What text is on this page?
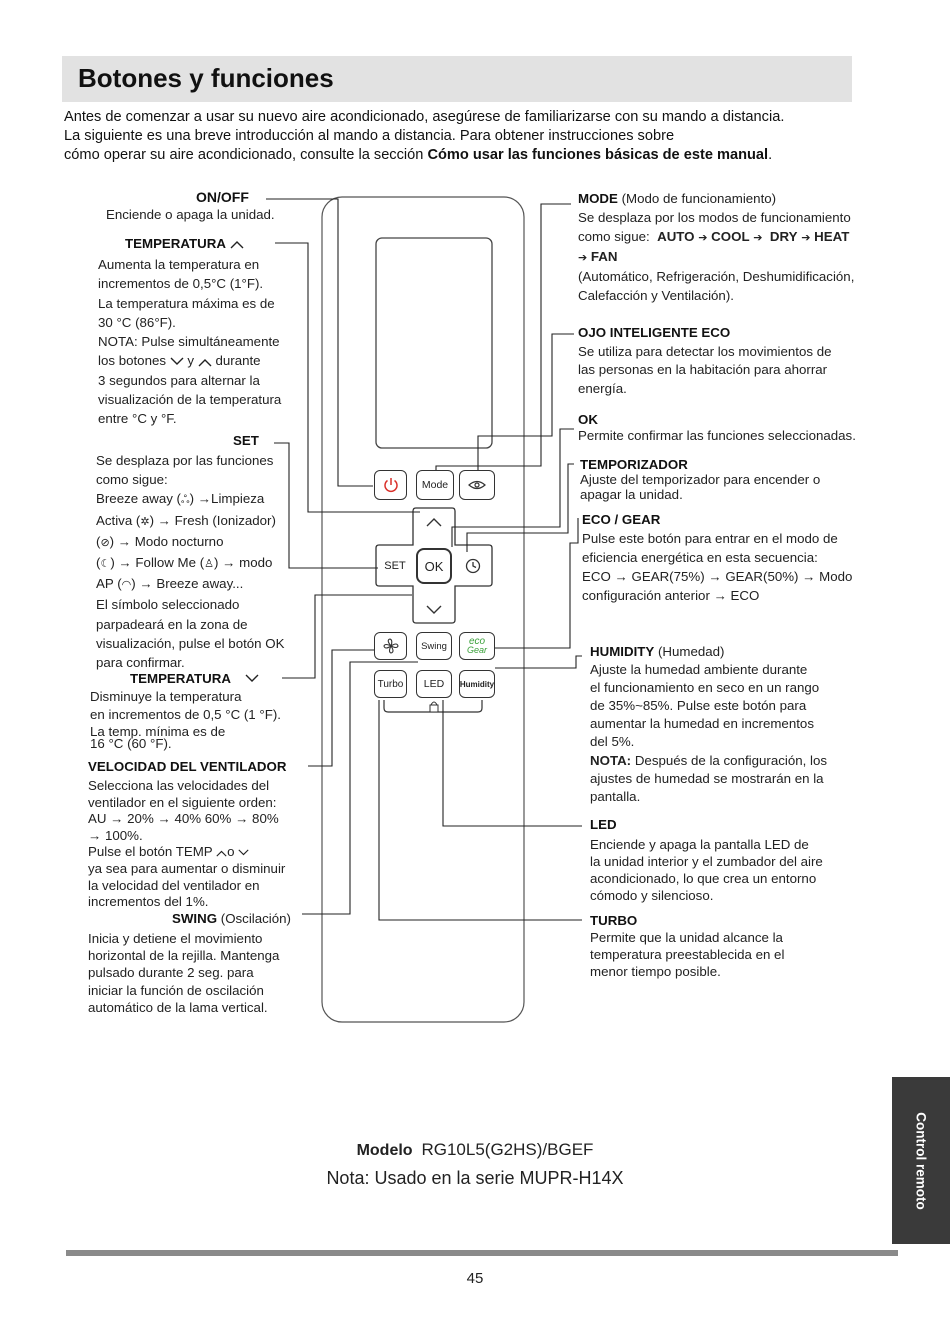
Botones y funciones
Antes de comenzar a usar su nuevo aire acondicionado, asegúrese de familiarizarse con su mando a distancia.
La siguiente es una breve introducción al mando a distancia. Para obtener instrucciones sobre
cómo operar su aire acondicionado, consulte la sección Cómo usar las funciones básicas de este manual.
Mode
SET	OK
Swing	eco
Gear
Turbo	LED	Humidity
ON/OFF
Enciende o apaga la unidad.
TEMPERATURA
Aumenta la temperatura en
incrementos de 0,5°C (1°F).
La temperatura máxima es de
30 °C (86°F).
NOTA: Pulse simultáneamente
los botones y durante
3 segundos para alternar la
visualización de la temperatura
entre °C y °F.
SET
Se desplaza por las funciones
como sigue:
Breeze away (ஃ) →Limpieza
Activa (✲) → Fresh (Ionizador)
(⊘) → Modo nocturno
(☾) → Follow Me (♙) → modo
AP (◠) → Breeze away...
El símbolo seleccionado
parpadeará en la zona de
visualización, pulse el botón OK
para confirmar.
TEMPERATURA
Disminuye la temperatura
en incrementos de 0,5 °C (1 °F).
La temp. mínima es de
16 °C (60 °F).
VELOCIDAD DEL VENTILADOR
Selecciona las velocidades del
ventilador en el siguiente orden:
AU → 20% → 40% 60% → 80%
→ 100%.
Pulse el botón TEMP o
ya sea para aumentar o disminuir
la velocidad del ventilador en
incrementos del 1%.
SWING (Oscilación)
Inicia y detiene el movimiento
horizontal de la rejilla. Mantenga
pulsado durante 2 seg. para
iniciar la función de oscilación
automático de la lama vertical.
MODE (Modo de funcionamiento)
Se desplaza por los modos de funcionamiento
como sigue: AUTO ➔ COOL ➔ DRY ➔ HEAT
➔ FAN
(Automático, Refrigeración, Deshumidificación,
Calefacción y Ventilación).
OJO INTELIGENTE ECO
Se utiliza para detectar los movimientos de
las personas en la habitación para ahorrar
energía.
OK
Permite confirmar las funciones seleccionadas.
TEMPORIZADOR
Ajuste del temporizador para encender o
apagar la unidad.
ECO / GEAR
Pulse este botón para entrar en el modo de
eficiencia energética en esta secuencia:
ECO → GEAR(75%) → GEAR(50%) → Modo
configuración anterior → ECO
HUMIDITY (Humedad)
Ajuste la humedad ambiente durante
el funcionamiento en seco en un rango
de 35%~85%. Pulse este botón para
aumentar la humedad en incrementos
del 5%.
NOTA: Después de la configuración, los
ajustes de humedad se mostrarán en la
pantalla.
LED
Enciende y apaga la pantalla LED de
la unidad interior y el zumbador del aire
acondicionado, lo que crea un entorno
cómodo y silencioso.
TURBO
Permite que la unidad alcance la
temperatura preestablecida en el
menor tiempo posible.
Modelo RG10L5(G2HS)/BGEF
Nota: Usado en la serie MUPR-H14X	Control remoto
45
